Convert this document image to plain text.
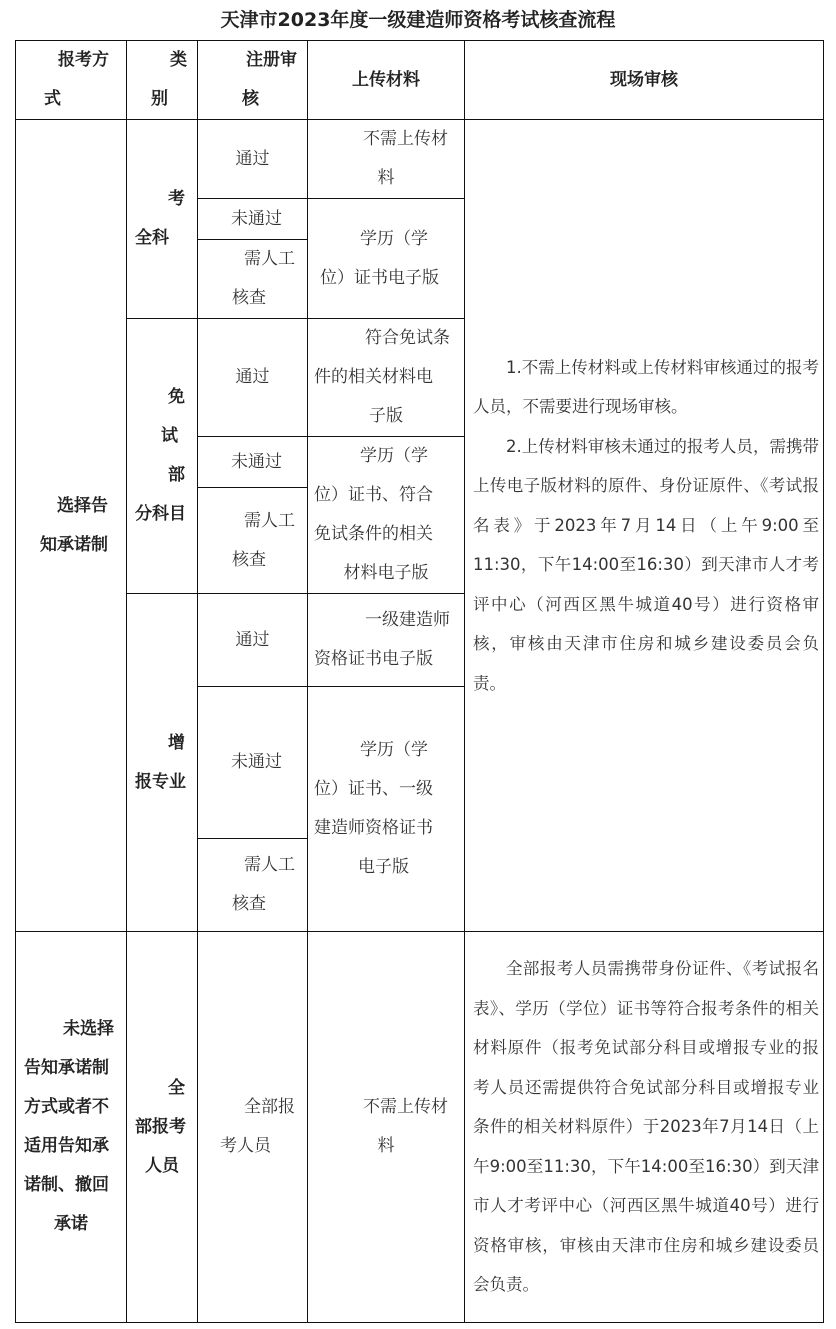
天津市2023年度一级建造师资格考试核查流程
报考方
式
类
别
注册审
核
上传材料	现场审核
选择告
知承诺制
考
全科
通过
不需上传材
料
未通过
需人工
核查
学历（学
位）证书电子版
免
试
部
分科目
通过
符合免试条
件的相关材料电
子版
未通过
需人工
核查
学历（学
位）证书、符合
免试条件的相关
材料电子版
增
报专业
通过
一级建造师
资格证书电子版
未通过
需人工
核查
学历（学
位）证书、一级
建造师资格证书
电子版

1.不需上传材料或上传材料审核通过的报考人员，不需要进行现场审核。

2.上传材料审核未通过的报考人员，需携带上传电子版材料的原件、身份证原件、《考试报名表》于2023年7月14日（上午9:00至11:30，下午14:00至16:30）到天津市人才考评中心（河西区黑牛城道40号）进行资格审核，审核由天津市住房和城乡建设委员会负责。

未选择
告知承诺制
方式或者不
适用告知承
诺制、撤回
承诺
全
部报考
人员
全部报
考人员
不需上传材
料

全部报考人员需携带身份证件、《考试报名表》、学历（学位）证书等符合报考条件的相关材料原件（报考免试部分科目或增报专业的报考人员还需提供符合免试部分科目或增报专业条件的相关材料原件）于2023年7月14日（上午9:00至11:30，下午14:00至16:30）到天津市人才考评中心（河西区黑牛城道40号）进行资格审核，审核由天津市住房和城乡建设委员会负责。
